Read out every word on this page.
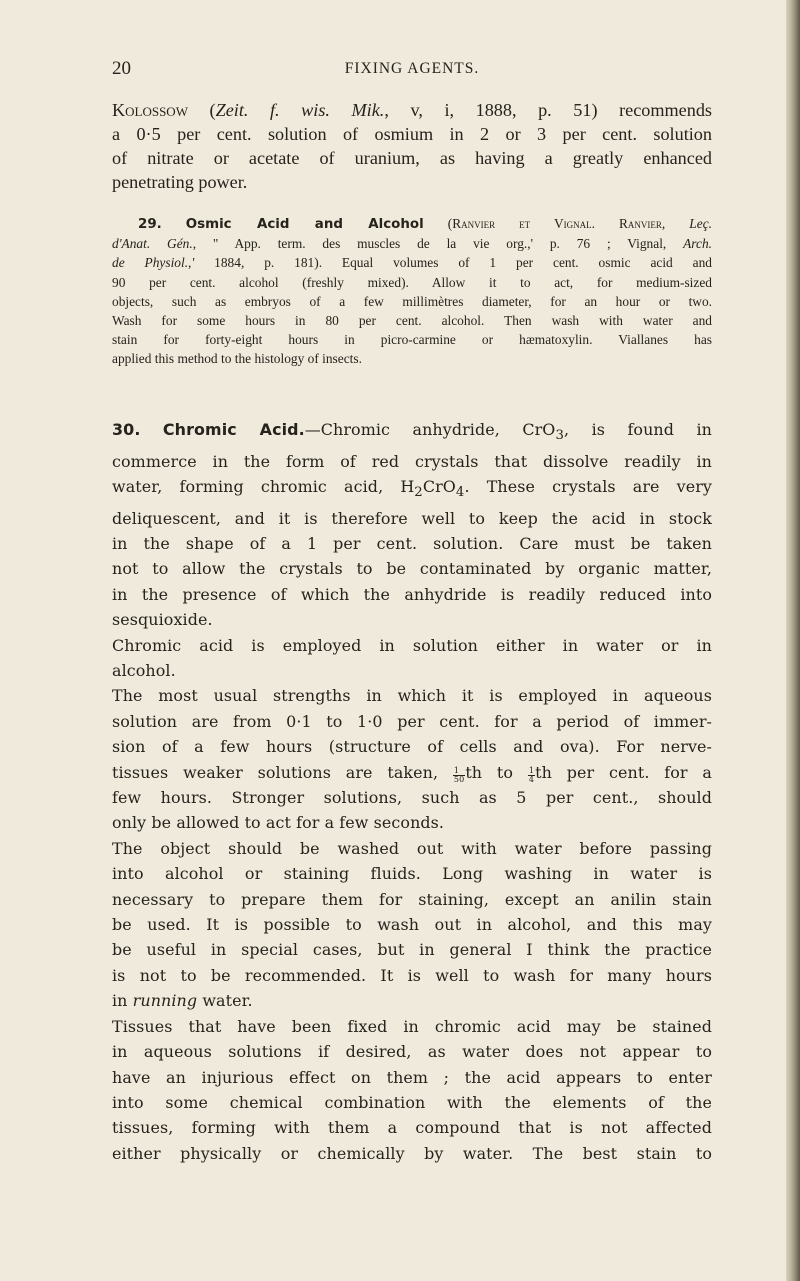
20	FIXING AGENTS.
Kolossow (Zeit. f. wis. Mik., v, i, 1888, p. 51) recommends
a 0·5 per cent. solution of osmium in 2 or 3 per cent. solution
of nitrate or acetate of uranium, as having a greatly enhanced
penetrating power.
29. Osmic Acid and Alcohol (Ranvier et Vignal. Ranvier, Leç.
d'Anat. Gén., " App. term. des muscles de la vie org.,' p. 76 ; Vignal, Arch.
de Physiol.,' 1884, p. 181). Equal volumes of 1 per cent. osmic acid and
90 per cent. alcohol (freshly mixed). Allow it to act, for medium-sized
objects, such as embryos of a few millimètres diameter, for an hour or two.
Wash for some hours in 80 per cent. alcohol. Then wash with water and
stain for forty-eight hours in picro-carmine or hæmatoxylin. Viallanes has
applied this method to the histology of insects.
30. Chromic Acid.—Chromic anhydride, CrO$_3$, is found in
commerce in the form of red crystals that dissolve readily in
water, forming chromic acid, $H_2CrO_4$. These crystals are very
deliquescent, and it is therefore well to keep the acid in stock
in the shape of a 1 per cent. solution. Care must be taken
not to allow the crystals to be contaminated by organic matter,
in the presence of which the anhydride is readily reduced into
sesquioxide.
Chromic acid is employed in solution either in water or in
alcohol.
The most usual strengths in which it is employed in aqueous
solution are from 0·1 to 1·0 per cent. for a period of immer-
sion of a few hours (structure of cells and ova). For nerve-
tissues weaker solutions are taken, $\frac{1}{50}$ th to $\frac{1}{4}$ th per cent. for a
few hours. Stronger solutions, such as 5 per cent., should
only be allowed to act for a few seconds.
The object should be washed out with water before passing
into alcohol or staining fluids. Long washing in water is
necessary to prepare them for staining, except an anilin stain
be used. It is possible to wash out in alcohol, and this may
be useful in special cases, but in general I think the practice
is not to be recommended. It is well to wash for many hours
in running water.
Tissues that have been fixed in chromic acid may be stained
in aqueous solutions if desired, as water does not appear to
have an injurious effect on them ; the acid appears to enter
into some chemical combination with the elements of the
tissues, forming with them a compound that is not affected
either physically or chemically by water. The best stain to
